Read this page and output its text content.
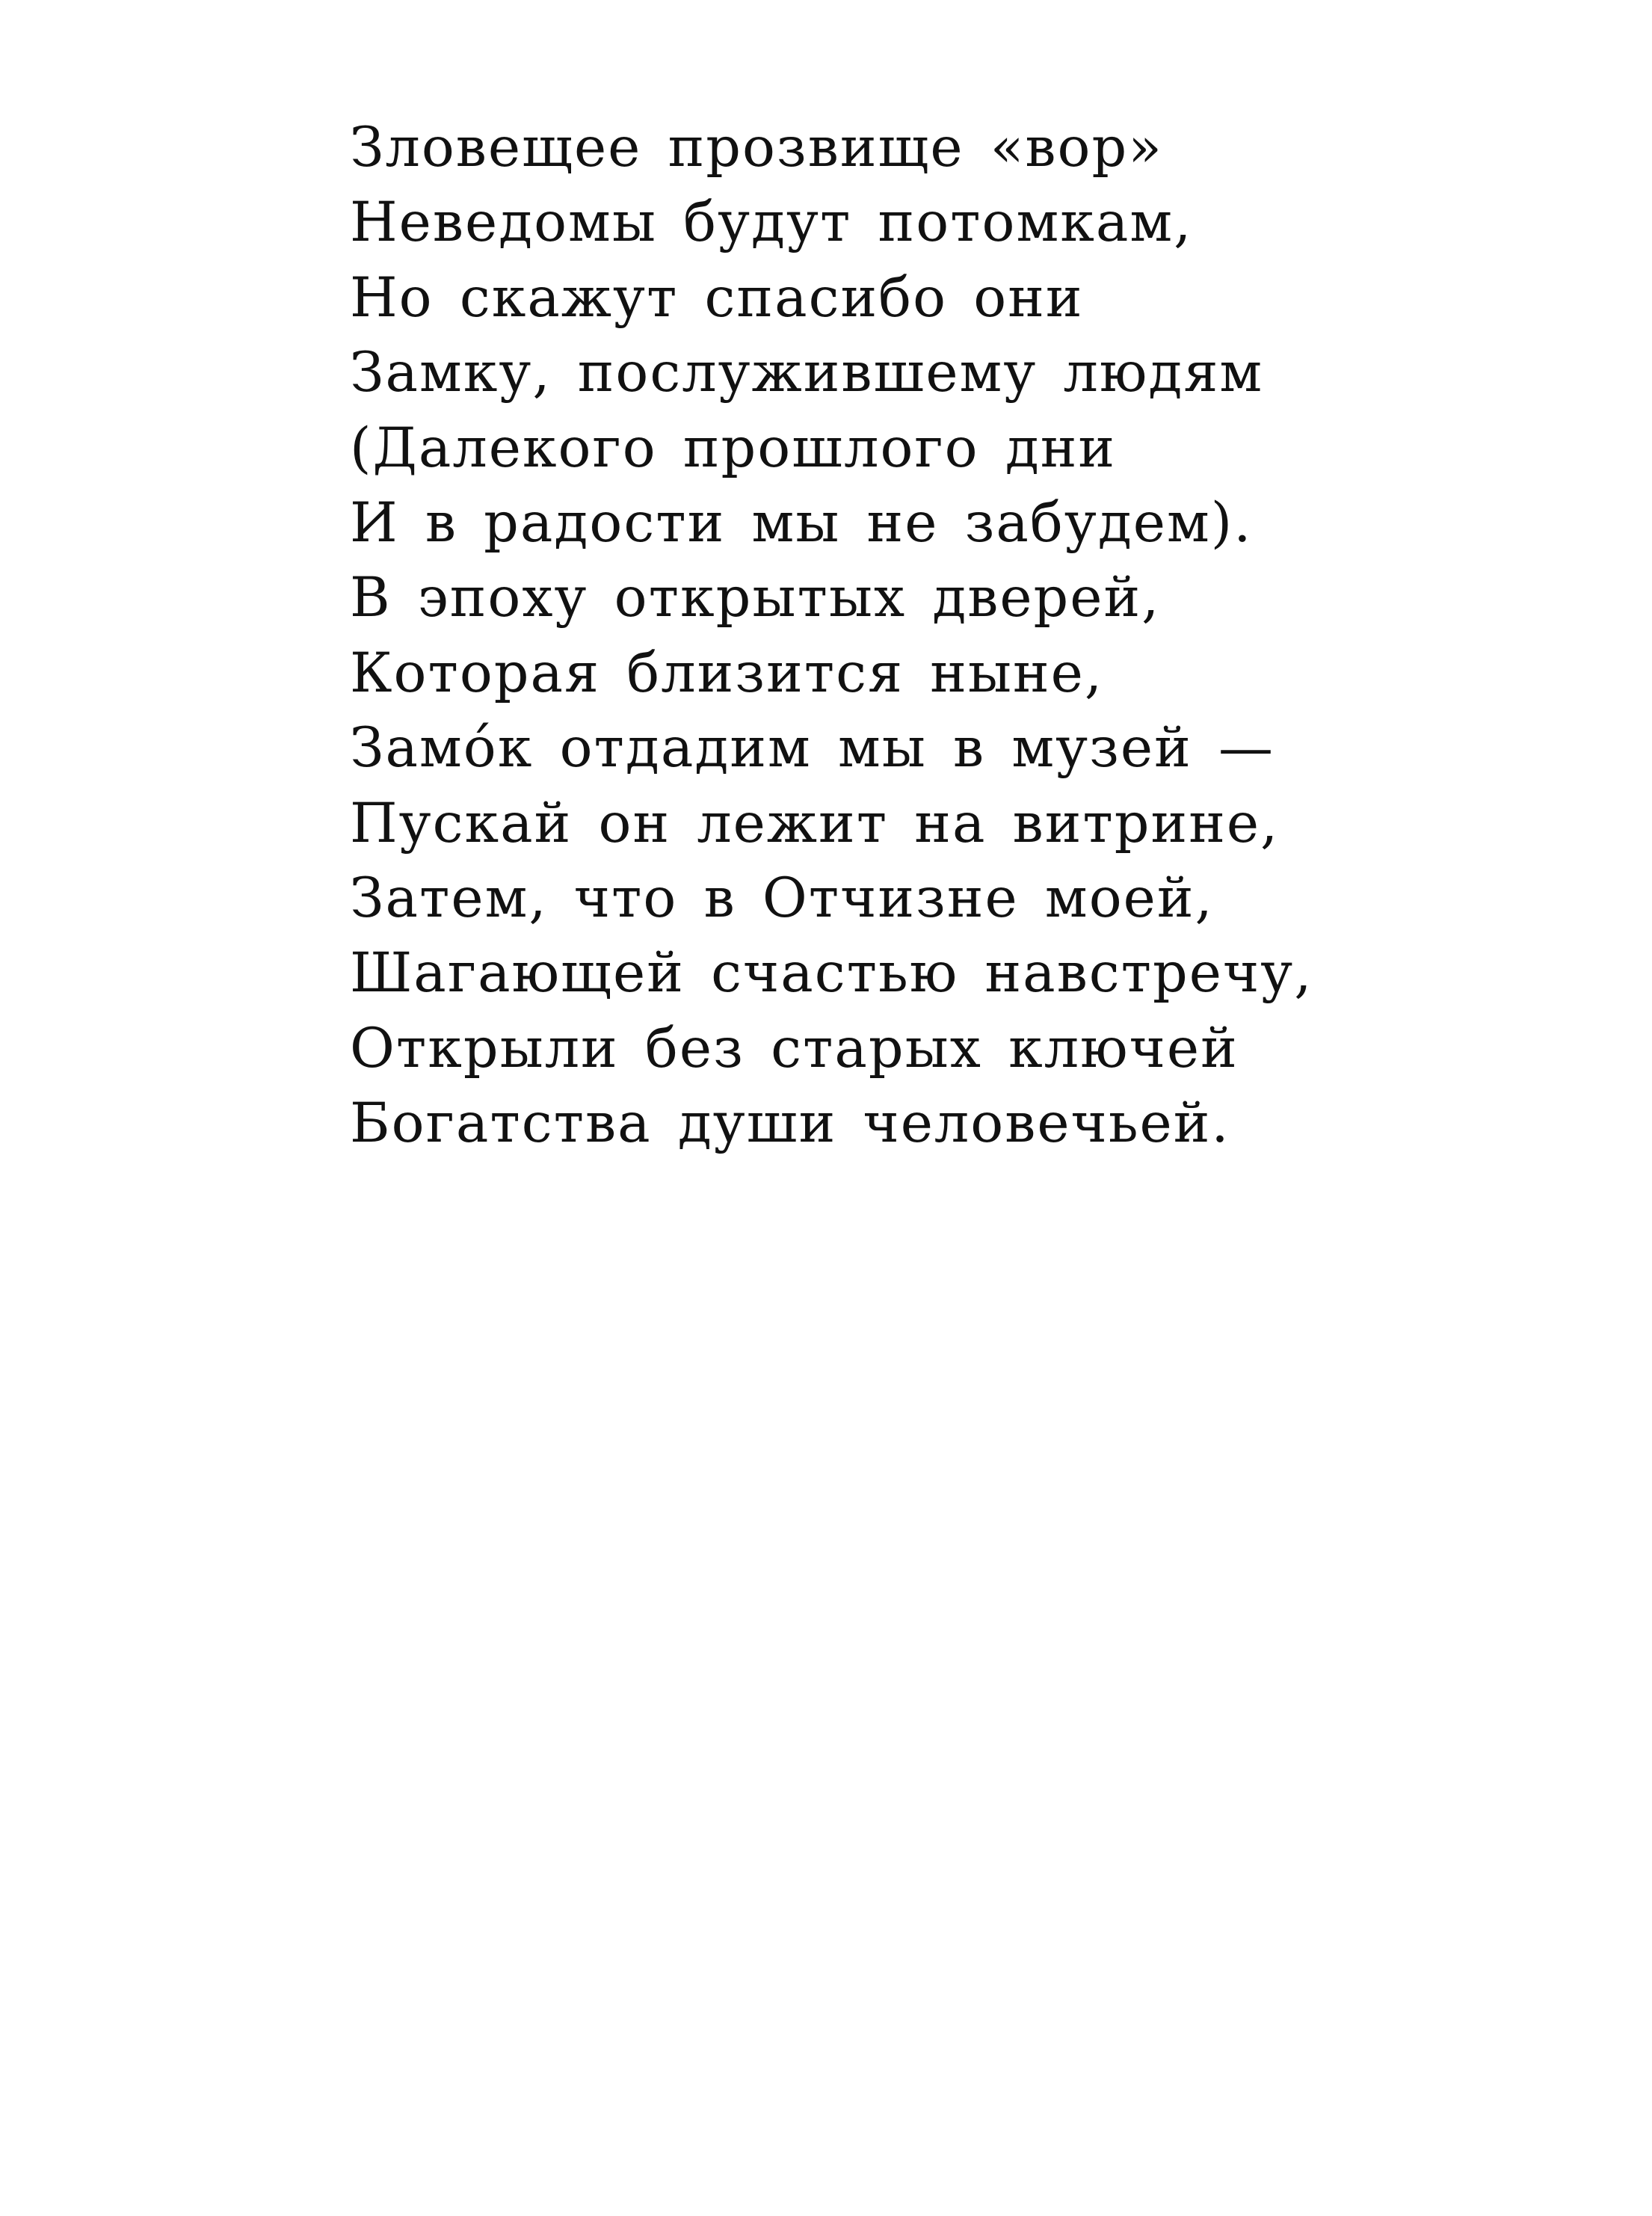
Зловещее прозвище «вор»
Неведомы будут потомкам,
Но скажут спасибо они
Замку, послужившему людям
(Далекого прошлого дни
И в радости мы не забудем).
В эпоху открытых дверей,
Которая близится ныне,
Замóк отдадим мы в музей —
Пускай он лежит на витрине,
Затем, что в Отчизне моей,
Шагающей счастью навстречу,
Открыли без старых ключей
Богатства души человечьей.
